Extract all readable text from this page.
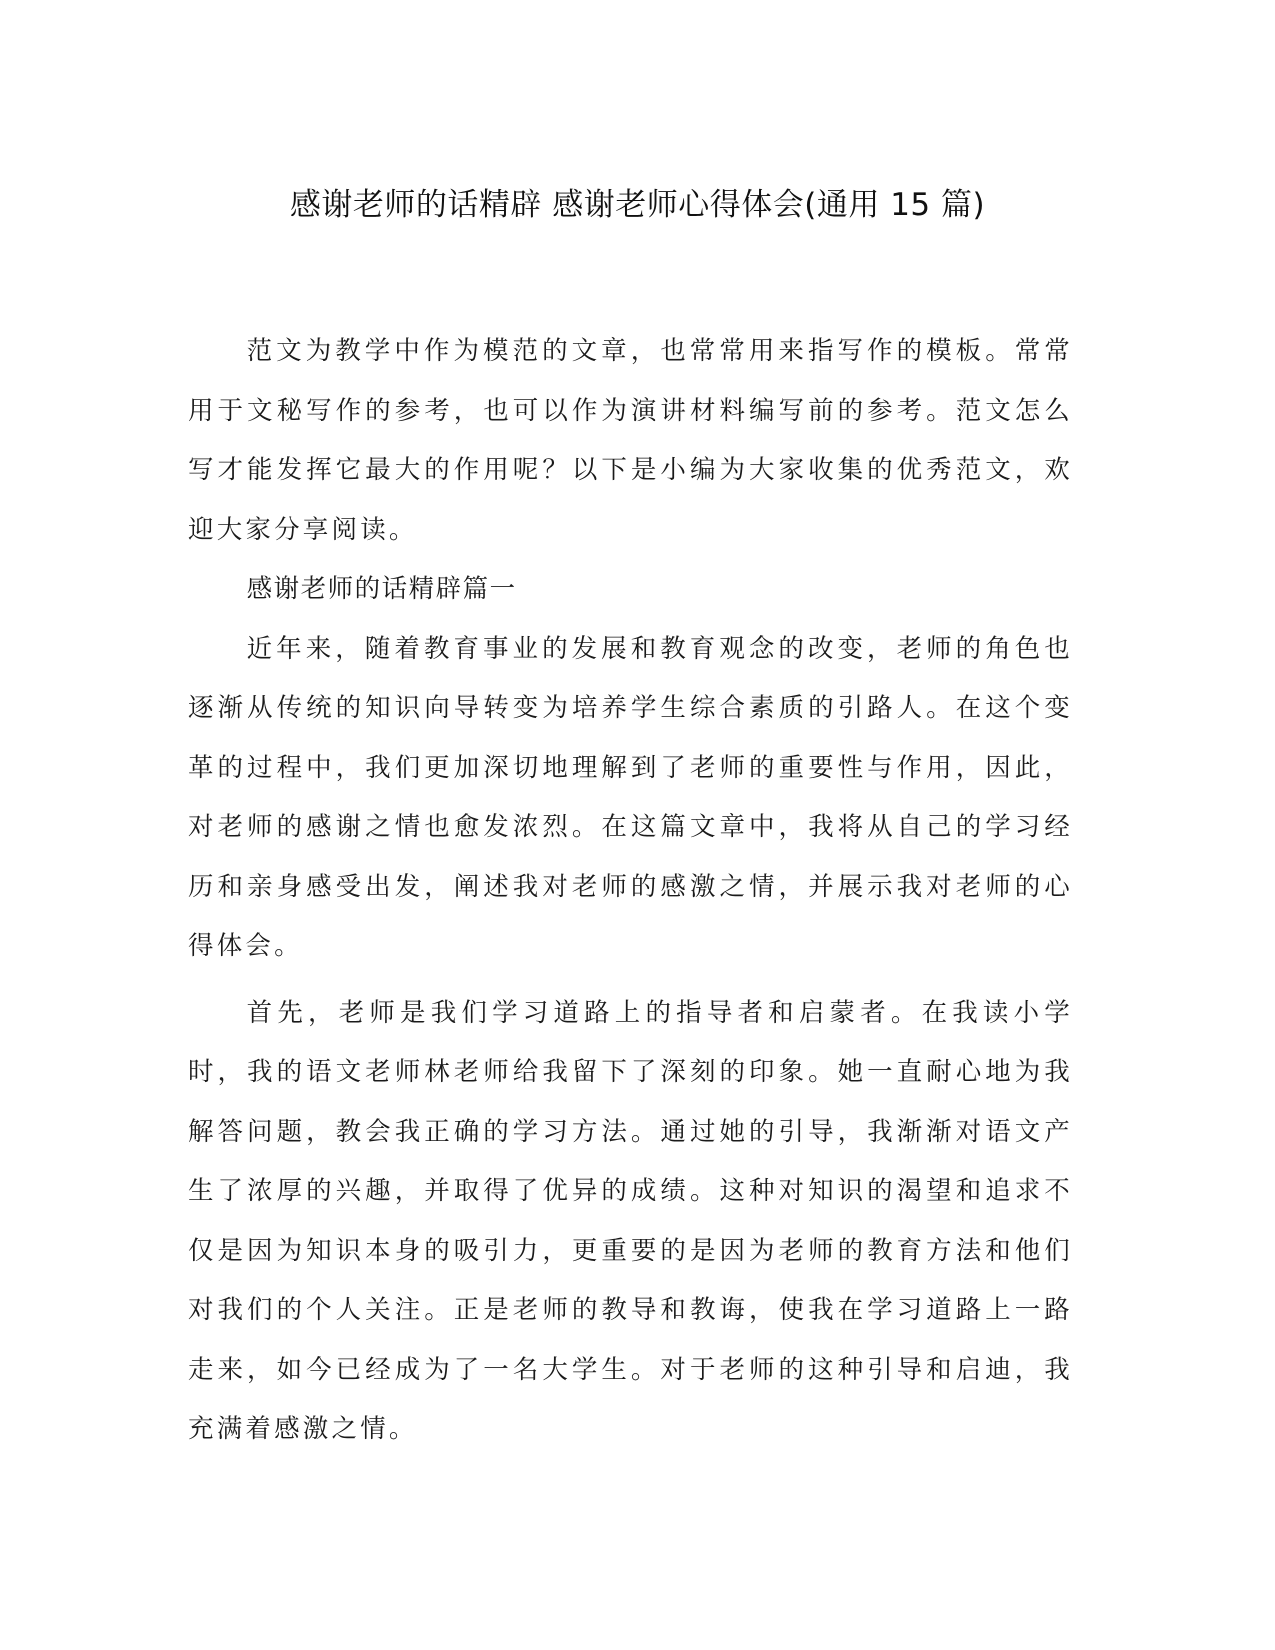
感谢老师的话精辟 感谢老师心得体会(通用 15 篇)

范文为教学中作为模范的文章，也常常用来指写作的模板。常常用于文秘写作的参考，也可以作为演讲材料编写前的参考。范文怎么写才能发挥它最大的作用呢？以下是小编为大家收集的优秀范文，欢迎大家分享阅读。

感谢老师的话精辟篇一

近年来，随着教育事业的发展和教育观念的改变，老师的角色也逐渐从传统的知识向导转变为培养学生综合素质的引路人。在这个变革的过程中，我们更加深切地理解到了老师的重要性与作用，因此，对老师的感谢之情也愈发浓烈。在这篇文章中，我将从自己的学习经历和亲身感受出发，阐述我对老师的感激之情，并展示我对老师的心得体会。

首先，老师是我们学习道路上的指导者和启蒙者。在我读小学时，我的语文老师林老师给我留下了深刻的印象。她一直耐心地为我解答问题，教会我正确的学习方法。通过她的引导，我渐渐对语文产生了浓厚的兴趣，并取得了优异的成绩。这种对知识的渴望和追求不仅是因为知识本身的吸引力，更重要的是因为老师的教育方法和他们对我们的个人关注。正是老师的教导和教诲，使我在学习道路上一路走来，如今已经成为了一名大学生。对于老师的这种引导和启迪，我充满着感激之情。
